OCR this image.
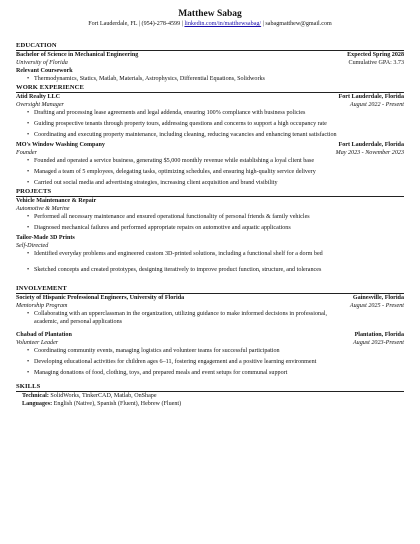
Matthew Sabag
Fort Lauderdale, FL | (954)-278-4599 | linkedin.com/in/matthewsabag/ | sabagmatthew@gmail.com
EDUCATION
Bachelor of Science in Mechanical Engineering	Expected Spring 2028
University of Florida	Cumulative GPA: 3.73
Relevant Coursework
• Thermodynamics, Statics, Matlab, Materials, Astrophysics, Differential Equations, Solidworks
WORK EXPERIENCE
Atid Realty LLC	Fort Lauderdale, Florida
Oversight Manager	August 2022 - Present
• Drafting and processing lease agreements and legal addenda, ensuring 100% compliance with business policies
• Guiding prospective tenants through property tours, addressing questions and concerns to support a high occupancy rate
• Coordinating and executing property maintenance, including cleaning, reducing vacancies and enhancing tenant satisfaction
MO's Window Washing Company	Fort Lauderdale, Florida
Founder	May 2023 - November 2023
• Founded and operated a service business, generating $5,000 monthly revenue while establishing a loyal client base
• Managed a team of 5 employees, delegating tasks, optimizing schedules, and ensuring high-quality service delivery
• Carried out social media and advertising strategies, increasing client acquisition and brand visibility
PROJECTS
Vehicle Maintenance & Repair
Automotive & Marine
• Performed all necessary maintenance and ensured operational functionality of personal friends & family vehicles
• Diagnosed mechanical failures and performed appropriate repairs on automotive and aquatic applications
Tailor-Made 3D Prints
Self-Directed
• Identified everyday problems and engineered custom 3D-printed solutions, including a functional shelf for a dorm bed
• Sketched concepts and created prototypes, designing iteratively to improve product function, structure, and tolerances
INVOLVEMENT
Society of Hispanic Professional Engineers, University of Florida	Gainesville, Florida
Mentorship Program	August 2025 - Present
• Collaborating with an upperclassman in the organization, utilizing guidance to make informed decisions in professional, academic, and personal applications
Chabad of Plantation	Plantation, Florida
Volunteer Leader	August 2023-Present
• Coordinating community events, managing logistics and volunteer teams for successful participation
• Developing educational activities for children ages 6–11, fostering engagement and a positive learning environment
• Managing donations of food, clothing, toys, and prepared meals and event setups for communal support
SKILLS
Technical: SolidWorks, TinkerCAD, Matlab, OnShape
Languages: English (Native), Spanish (Fluent), Hebrew (Fluent)
